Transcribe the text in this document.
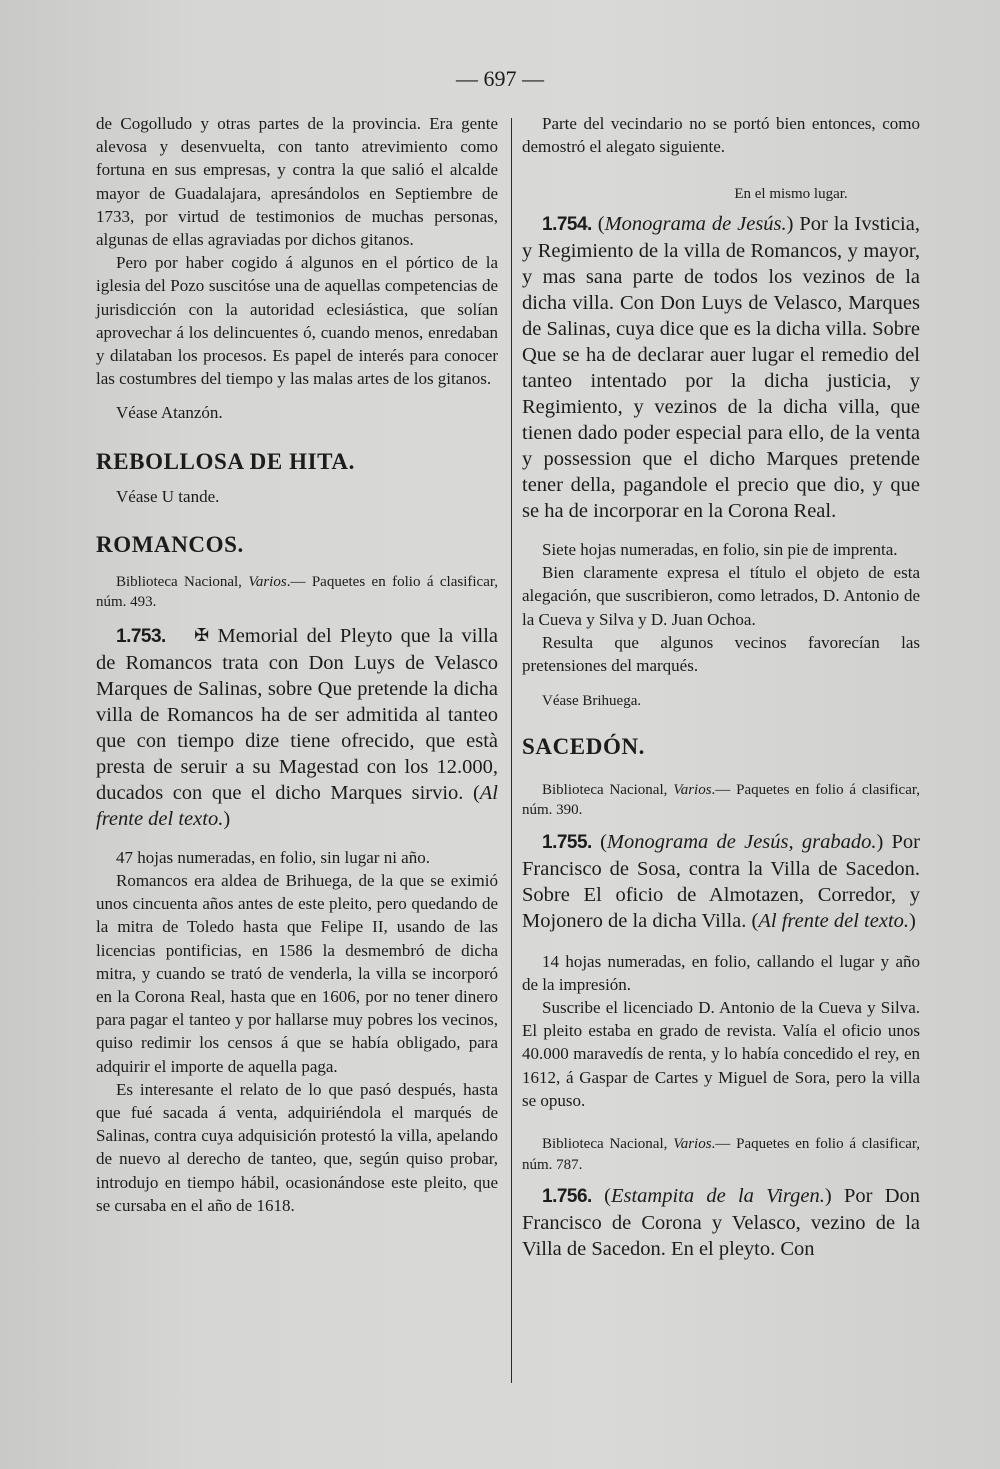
— 697 —

de Cogolludo y otras partes de la provincia. Era gente alevosa y desenvuelta, con tanto atrevimiento como fortuna en sus empresas, y contra la que salió el alcalde mayor de Guadalajara, apresándolos en Septiembre de 1733, por virtud de testimonios de muchas personas, algunas de ellas agraviadas por dichos gitanos.

Pero por haber cogido á algunos en el pórtico de la iglesia del Pozo suscitóse una de aquellas competencias de jurisdicción con la autoridad eclesiástica, que solían aprovechar á los delincuentes ó, cuando menos, enredaban y dilataban los procesos. Es papel de interés para conocer las costumbres del tiempo y las malas artes de los gitanos.

Véase Atanzón.

REBOLLOSA DE HITA.

Véase U tande.

ROMANCOS.

Biblioteca Nacional, Varios.— Paquetes en folio á clasificar, núm. 493.

1.753. ✠ Memorial del Pleyto que la villa de Romancos trata con Don Luys de Velasco Marques de Salinas, sobre Que pretende la dicha villa de Romancos ha de ser admitida al tanteo que con tiempo dize tiene ofrecido, que està presta de seruir a su Magestad con los 12.000, ducados con que el dicho Marques sirvio. (Al frente del texto.)

47 hojas numeradas, en folio, sin lugar ni año.

Romancos era aldea de Brihuega, de la que se eximió unos cincuenta años antes de este pleito, pero quedando de la mitra de Toledo hasta que Felipe II, usando de las licencias pontificias, en 1586 la desmembró de dicha mitra, y cuando se trató de venderla, la villa se incorporó en la Corona Real, hasta que en 1606, por no tener dinero para pagar el tanteo y por hallarse muy pobres los vecinos, quiso redimir los censos á que se había obligado, para adquirir el importe de aquella paga.

Es interesante el relato de lo que pasó después, hasta que fué sacada á venta, adquiriéndola el marqués de Salinas, contra cuya adquisición protestó la villa, apelando de nuevo al derecho de tanteo, que, según quiso probar, introdujo en tiempo hábil, ocasionándose este pleito, que se cursaba en el año de 1618.

Parte del vecindario no se portó bien entonces, como demostró el alegato siguiente.

En el mismo lugar.

1.754. (Monograma de Jesús.) Por la Ivsticia, y Regimiento de la villa de Romancos, y mayor, y mas sana parte de todos los vezinos de la dicha villa. Con Don Luys de Velasco, Marques de Salinas, cuya dice que es la dicha villa. Sobre Que se ha de declarar auer lugar el remedio del tanteo intentado por la dicha justicia, y Regimiento, y vezinos de la dicha villa, que tienen dado poder especial para ello, de la venta y possession que el dicho Marques pretende tener della, pagandole el precio que dio, y que se ha de incorporar en la Corona Real.

Siete hojas numeradas, en folio, sin pie de imprenta.

Bien claramente expresa el título el objeto de esta alegación, que suscribieron, como letrados, D. Antonio de la Cueva y Silva y D. Juan Ochoa.

Resulta que algunos vecinos favorecían las pretensiones del marqués.

Véase Brihuega.

SACEDÓN.

Biblioteca Nacional, Varios.— Paquetes en folio á clasificar, núm. 390.

1.755. (Monograma de Jesús, grabado.) Por Francisco de Sosa, contra la Villa de Sacedon. Sobre El oficio de Almotazen, Corredor, y Mojonero de la dicha Villa. (Al frente del texto.)

14 hojas numeradas, en folio, callando el lugar y año de la impresión.

Suscribe el licenciado D. Antonio de la Cueva y Silva. El pleito estaba en grado de revista. Valía el oficio unos 40.000 maravedís de renta, y lo había concedido el rey, en 1612, á Gaspar de Cartes y Miguel de Sora, pero la villa se opuso.

Biblioteca Nacional, Varios.— Paquetes en folio á clasificar, núm. 787.

1.756. (Estampita de la Virgen.) Por Don Francisco de Corona y Velasco, vezino de la Villa de Sacedon. En el pleyto. Con
